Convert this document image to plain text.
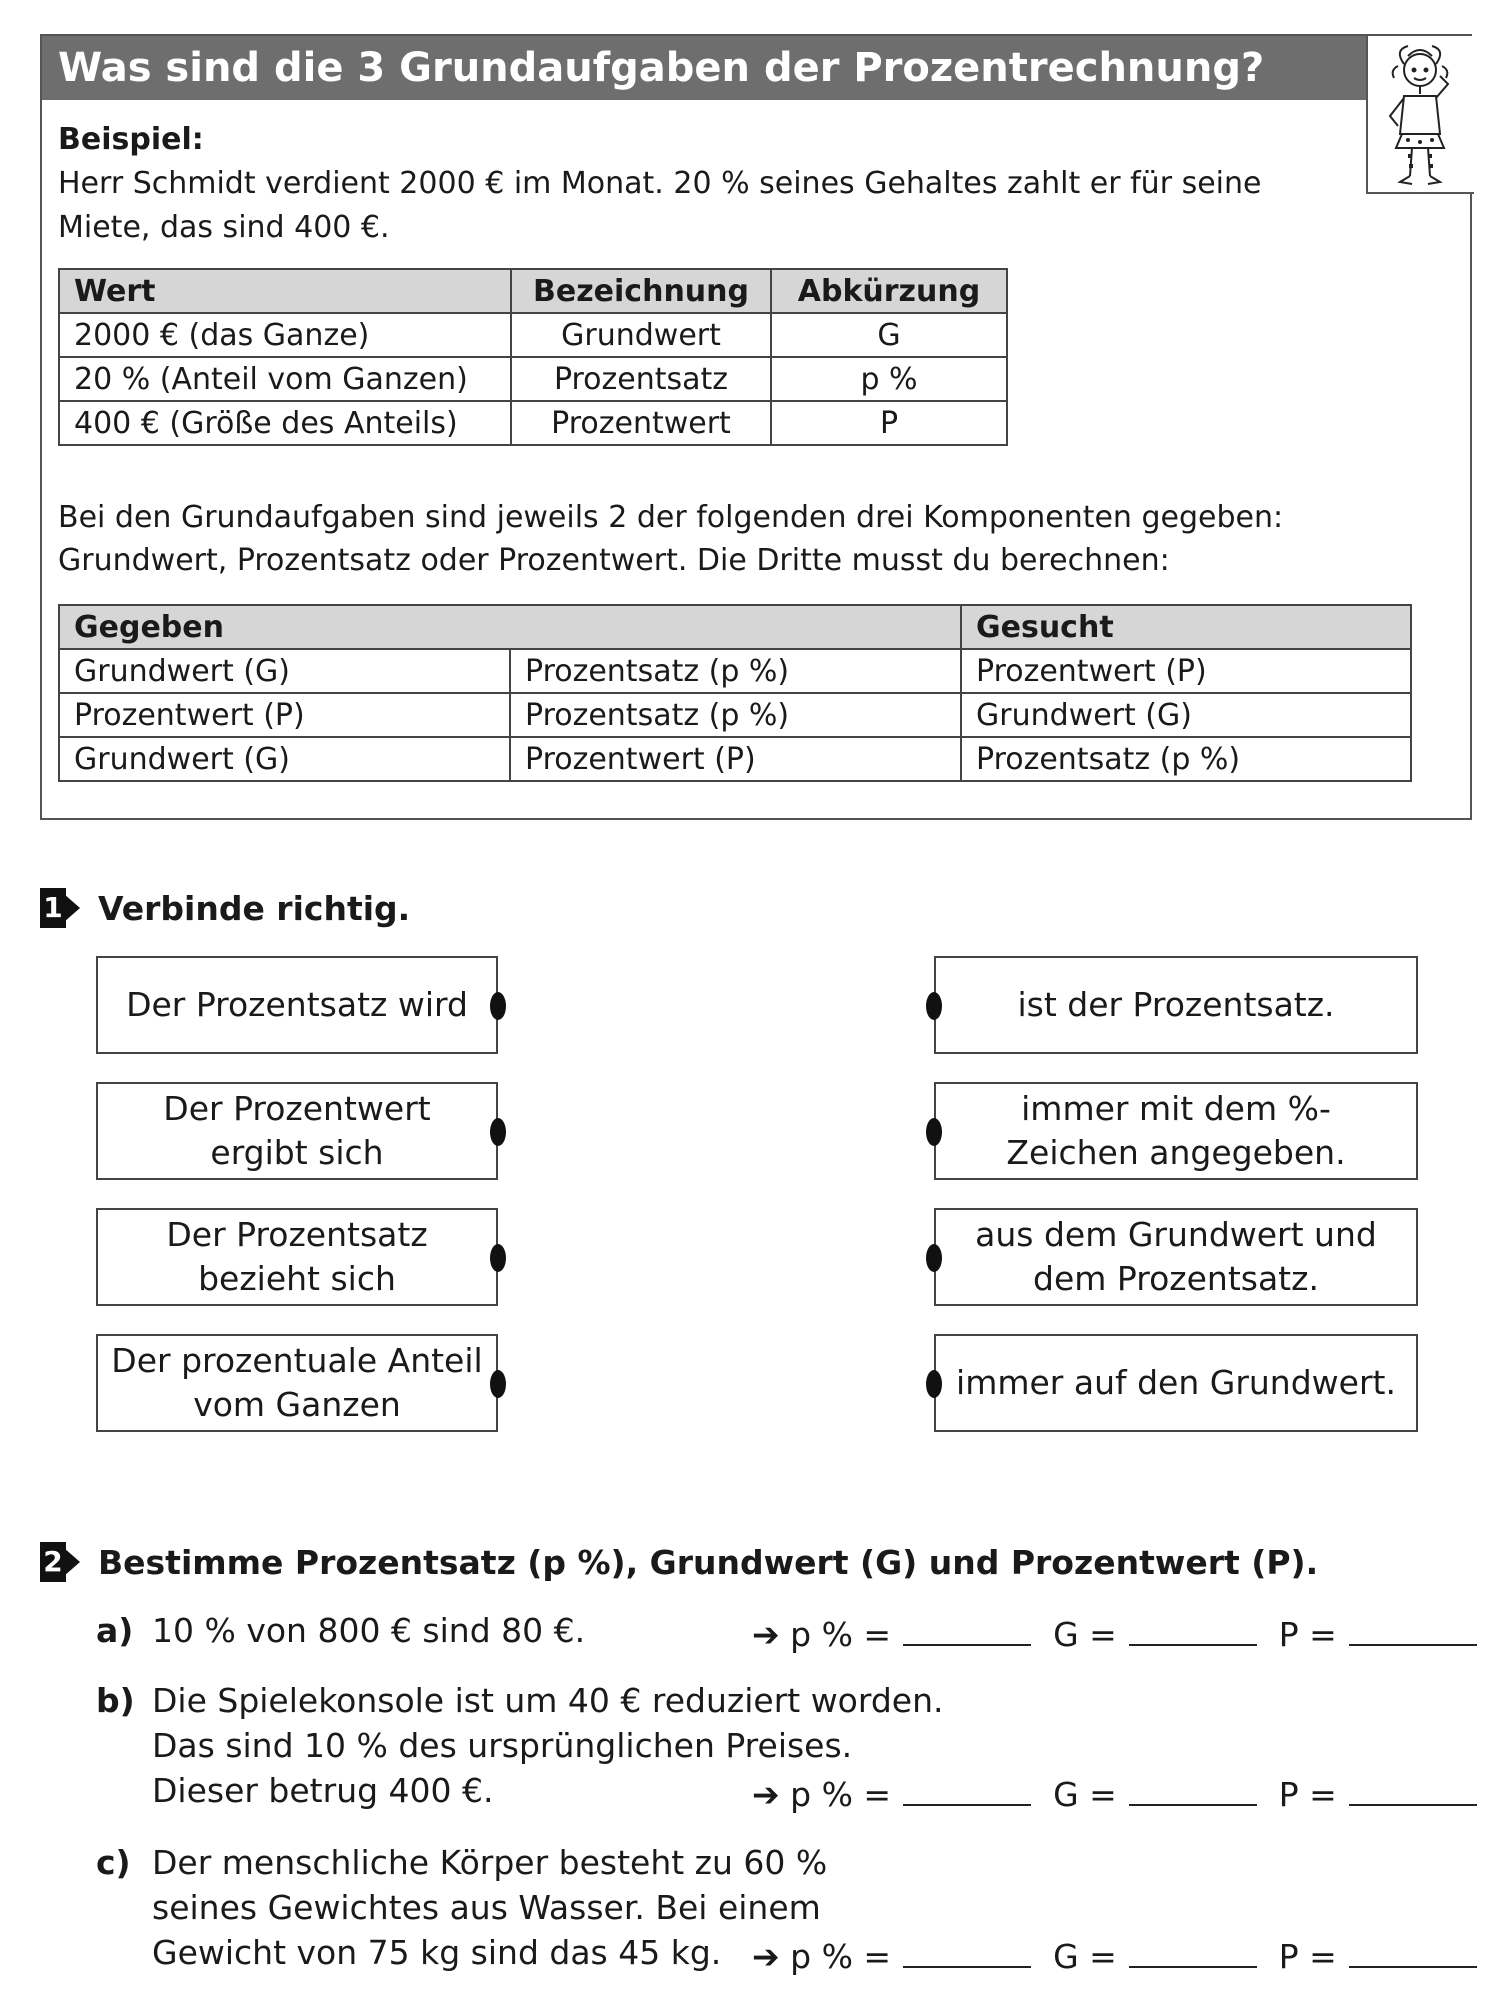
Was sind die 3 Grundaufgaben der Prozentrechnung?
Beispiel:
Herr Schmidt verdient 2000 € im Monat. 20 % seines Gehaltes zahlt er für seine Miete, das sind 400 €.
Wert	Bezeichnung	Abkürzung
2000 € (das Ganze)	Grundwert	G
20 % (Anteil vom Ganzen)	Prozentsatz	p %
400 € (Größe des Anteils)	Prozentwert	P
Bei den Grundaufgaben sind jeweils 2 der folgenden drei Komponenten gegeben: Grundwert, Prozentsatz oder Prozentwert. Die Dritte musst du berechnen:
Gegeben		Gesucht
Grundwert (G)	Prozentsatz (p %)	Prozentwert (P)
Prozentwert (P)	Prozentsatz (p %)	Grundwert (G)
Grundwert (G)	Prozentwert (P)	Prozentsatz (p %)
1 Verbinde richtig.
Der Prozentsatz wird
Der Prozentwert ergibt sich
Der Prozentsatz bezieht sich
Der prozentuale Anteil vom Ganzen
ist der Prozentsatz.
immer mit dem %-Zeichen angegeben.
aus dem Grundwert und dem Prozentsatz.
immer auf den Grundwert.
2 Bestimme Prozentsatz (p %), Grundwert (G) und Prozentwert (P).
a) 10 % von 800 € sind 80 €.	➔ p % =	G =	P =
b) Die Spielekonsole ist um 40 € reduziert worden.
Das sind 10 % des ursprünglichen Preises.
Dieser betrug 400 €.	➔ p % =	G =	P =
c) Der menschliche Körper besteht zu 60 %
seines Gewichtes aus Wasser. Bei einem
Gewicht von 75 kg sind das 45 kg. ➔ p % =	G =	P =
